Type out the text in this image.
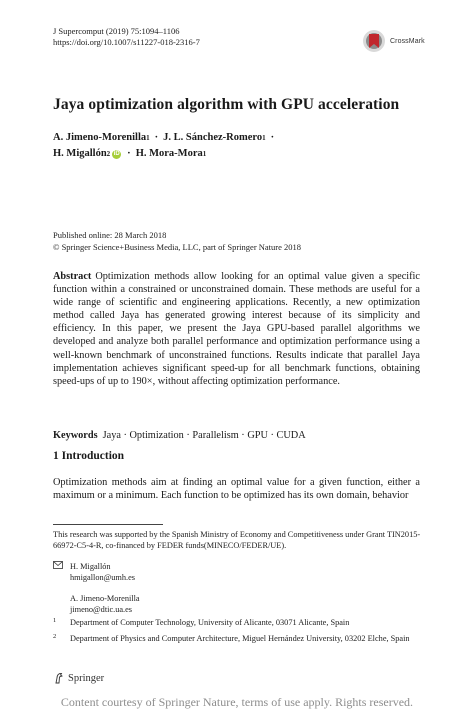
J Supercomput (2019) 75:1094–1106
https://doi.org/10.1007/s11227-018-2316-7	CrossMark
Jaya optimization algorithm with GPU acceleration
A. Jimeno-Morenilla 1 · J. L. Sánchez-Romero 1 ·
H. Migallón 2 iD · H. Mora-Mora 1
Published online: 28 March 2018
© Springer Science+Business Media, LLC, part of Springer Nature 2018
Abstract Optimization methods allow looking for an optimal value given a specific function within a constrained or unconstrained domain. These methods are useful for a wide range of scientific and engineering applications. Recently, a new optimization method called Jaya has generated growing interest because of its simplicity and efficiency. In this paper, we present the Jaya GPU-based parallel algorithms we developed and analyze both parallel performance and optimization performance using a well-known benchmark of unconstrained functions. Results indicate that parallel Jaya implementation achieves significant speed-up for all benchmark functions, obtaining speed-ups of up to 190×, without affecting optimization performance.
Keywords Jaya · Optimization · Parallelism · GPU · CUDA
1 Introduction
Optimization methods aim at finding an optimal value for a given function, either a maximum or a minimum. Each function to be optimized has its own domain, behavior
This research was supported by the Spanish Ministry of Economy and Competitiveness under Grant TIN2015-66972-C5-4-R, co-financed by FEDER funds(MINECO/FEDER/UE).
H. Migallón
hmigallon@umh.es
A. Jimeno-Morenilla
jimeno@dtic.ua.es
1	Department of Computer Technology, University of Alicante, 03071 Alicante, Spain
2	Department of Physics and Computer Architecture, Miguel Hernández University, 03202 Elche, Spain
Springer
Content courtesy of Springer Nature, terms of use apply. Rights reserved.
